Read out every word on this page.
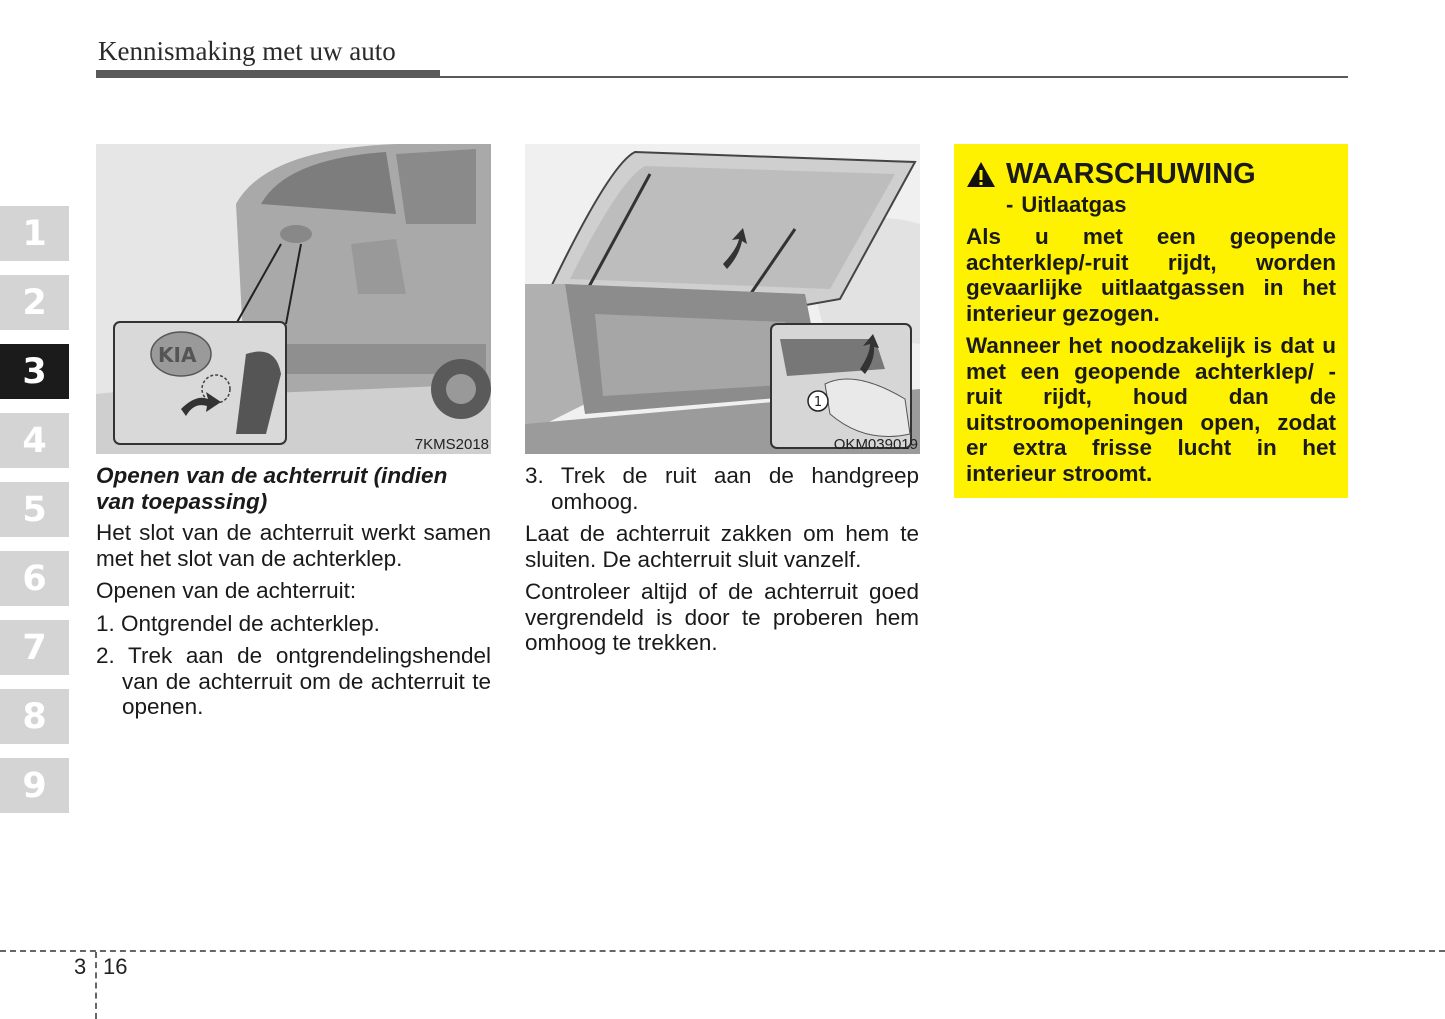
Kennismaking met uw auto
1
2
3
4
5
6
7
8
9
KIA
7KMS2018
1
OKM039019

Openen van de achterruit (indien van toepassing)

Het slot van de achterruit werkt samen met het slot van de achterklep.

Openen van de achterruit:

1. Ontgrendel de achterklep.

2. Trek aan de ontgrendelingshendel van de achterruit om de achterruit te openen.

3. Trek de ruit aan de handgreep omhoog.

Laat de achterruit zakken om hem te sluiten. De achterruit sluit vanzelf.

Controleer altijd of de achterruit goed vergrendeld is door te proberen hem omhoog te trekken.

WAARSCHUWING
- Uitlaatgas

Als u met een geopende achterklep/-ruit rijdt, worden gevaarlijke uitlaatgassen in het interieur gezogen.

Wanneer het noodzakelijk is dat u met een geopende achterklep/ -ruit rijdt, houd dan de uitstroomopeningen open, zodat er extra frisse lucht in het interieur stroomt.

3 16
